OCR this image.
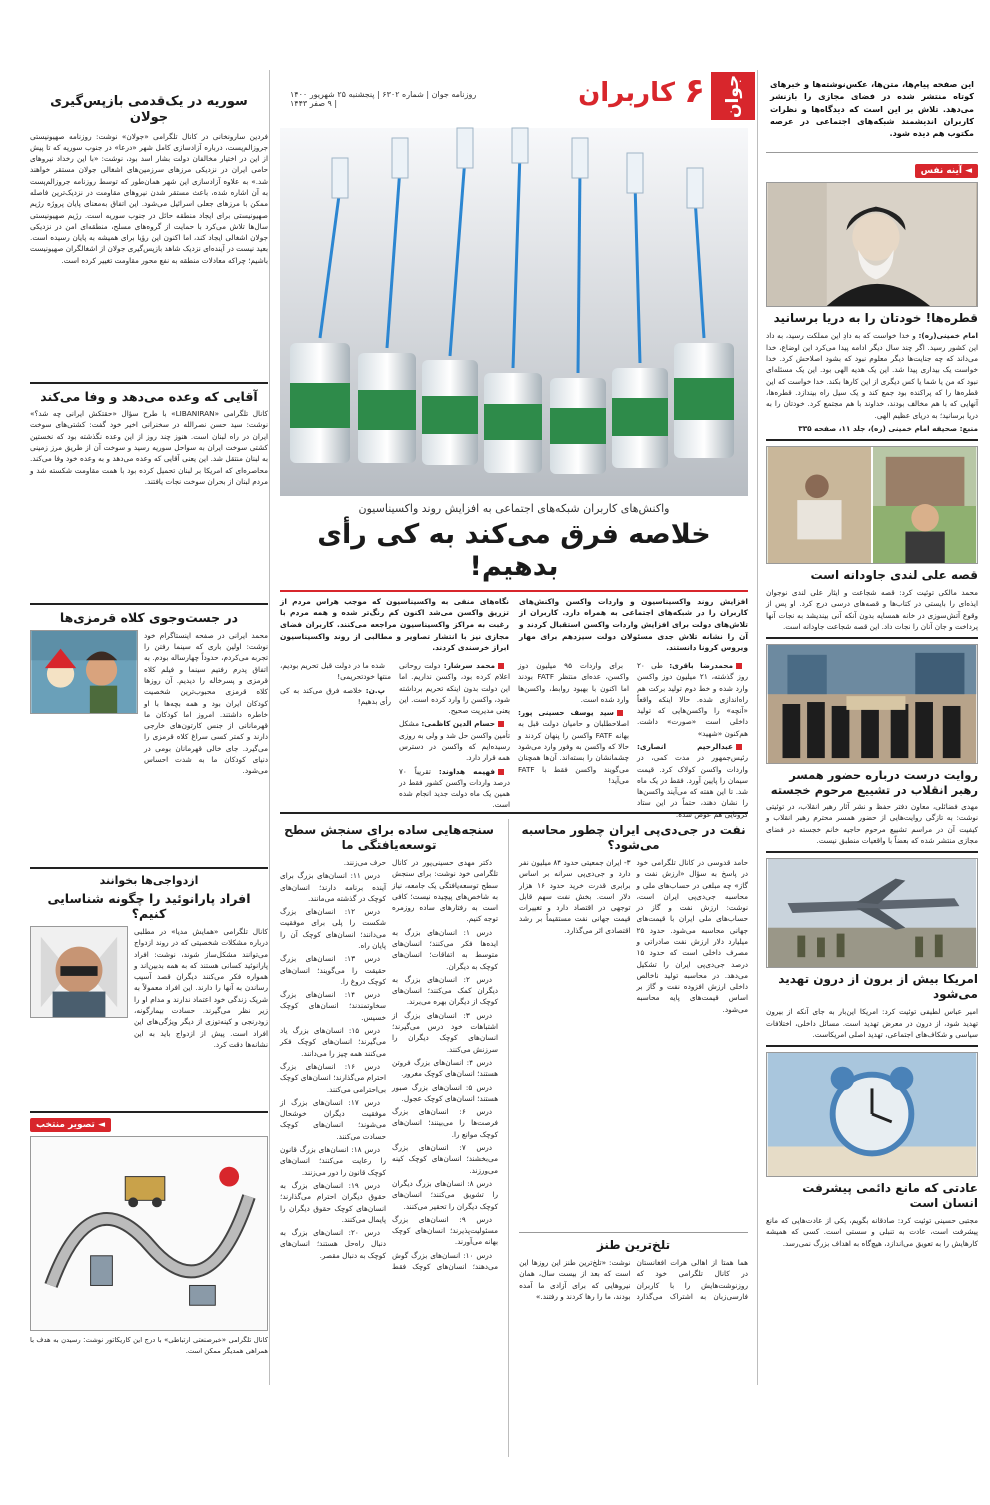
جوان
۶
کاربران
روزنامه جوان | شماره ۶۳۰۲ | پنجشنبه ۲۵ شهریور ۱۴۰۰ | ۹ صفر ۱۴۴۳
این صفحه پیام‌ها، متن‌ها، عکس‌نوشته‌ها و خبرهای کوتاه منتشر شده در فضای مجازی را بازنشر می‌دهد. تلاش بر این است که دیدگاه‌ها و نظرات کاربران اندیشمند شبکه‌های اجتماعی در عرصه مکتوب هم دیده شود.
◄ آینه نفس
قطره‌ها! خودتان را به دریا برسانید
امام خمینی(ره): و خدا خواست که به دادِ این مملکت رسید، به داد این کشور رسید. اگر چند سال دیگر ادامه پیدا می‌کرد این اوضاع، خدا می‌داند که چه جنایت‌ها دیگر معلوم نبود که بشود اصلاحش کرد. خدا خواست یک بیداری پیدا شد. این یک هدیه الهی بود. این یک مسئله‌ای نبود که من یا شما یا کس دیگری از این کارها بکند. خدا خواست که این قطره‌ها را که پراکنده بود جمع کند و یک سیل راه بیندازد. قطره‌ها، آنهایی که با هم مخالف بودند، خداوند با هم مجتمع کرد. خودتان را به دریا برسانید؛ به دریای عظیم الهی.
منبع: صحیفه امام خمینی (ره)، جلد ۱۱، صفحه ۳۳۵
قصه علی لندی جاودانه است
محمد مالکی توئیت کرد: قصه شجاعت و ایثار علی لندی نوجوان ایذه‌ای را بایستی در کتاب‌ها و قصه‌های درسی درج کرد. او پس از وقوع آتش‌سوزی در خانه همسایه بدون آنکه آنی بیندیشد به نجات آنها پرداخت و جان آنان را نجات داد. این قصه شجاعت جاودانه است.
روایت درست درباره حضور همسر رهبر انقلاب در تشییع مرحوم خجسته
مهدی فضائلی، معاون دفتر حفظ و نشر آثار رهبر انقلاب، در توئیتی نوشت: به تازگی روایت‌هایی از حضور همسر محترم رهبر انقلاب و کیفیت آن در مراسم تشییع مرحوم حاجیه خانم خجسته در فضای مجازی منتشر شده که بعضاً با واقعیات منطبق نیست.
امریکا بیش از برون از درون تهدید می‌شود
امیر عباس لطیفی توئیت کرد: امریکا این‌بار به جای آنکه از بیرون تهدید شود، از درون در معرض تهدید است. مسائل داخلی، اختلافات سیاسی و شکاف‌های اجتماعی، تهدید اصلی امریکاست.
عادتی که مانع دائمی پیشرفت انسان است
مجتبی حسینی توئیت کرد: صادقانه بگویم، یکی از عادت‌هایی که مانع پیشرفت است، عادت به تنبلی و سستی است. کسی که همیشه کارهایش را به تعویق می‌اندازد، هیچ‌گاه به اهداف بزرگ نمی‌رسد.
واکنش‌های کاربران شبکه‌های اجتماعی به افزایش روند واکسیناسیون
خلاصه فرق می‌کند به کی رأی بدهیم!
افزایش روند واکسیناسیون و واردات واکسن واکنش‌های کاربران را در شبکه‌های اجتماعی به همراه دارد. کاربران از تلاش‌های دولت برای افزایش واردات واکسن استقبال کردند و آن را نشانه تلاش جدی مسئولان دولت سیزدهم برای مهار ویروس کرونا دانستند.
نگاه‌های منفی به واکسیناسیون که موجب هراس مردم از تزریق واکسن می‌شد اکنون کم رنگ‌تر شده و همه مردم با رغبت به مراکز واکسیناسیون مراجعه می‌کنند. کاربران فضای مجازی نیز با انتشار تصاویر و مطالبی از روند واکسیناسیون ابراز خرسندی کردند.

محمدرضا باقری: طی ۲۰ روز گذشته، ۲۱ میلیون دوز واکسن وارد شده و خط دوم تولید برکت هم راه‌اندازی شده. حالا اینکه واقعاً «آنچه» را واکسن‌هایی که تولید داخلی است «صورت» داشت. هم‌کنون «شهید»

عبدالرحیم انصاری: رئیس‌جمهور در مدت کمی، در واردات واکسن کولاک کرد. قیمت سیمان را پایین آورد. فقط در یک ماه شد. تا این هفته که می‌آیند واکسن‌ها را نشان دهند، حتماً در این ستاد کرونایی هم عوض شده.

برای واردات ۹۵ میلیون دوز واکسن، عده‌ای منتظر FATF بودند اما اکنون با بهبود روابط، واکسن‌ها وارد شده است.

سید یوسف حسینی پور: اصلاحطلبان و حامیان دولت قبل به بهانه FATF واکسن را پنهان کردند و حالا که واکسن به وفور وارد می‌شود چشمانشان را بسته‌اند. آن‌ها همچنان می‌گویند واکسن فقط با FATF می‌آید!

محمد سرشار: دولت روحانی اعلام کرده بود، واکسن نداریم. اما این دولت بدون اینکه تحریم برداشته شود، واکسن را وارد کرده است. این یعنی مدیریت صحیح.

حسام الدین کاظمی: مشکل تأمین واکسن حل شد و ولی به روزی رسیده‌ایم که واکسن در دسترس همه قرار دارد.

فهیمه هداوند: تقریباً ۷۰ درصد واردات واکسن کشور فقط در همین یک ماه دولت جدید انجام شده است.

شده‌ ما در دولت قبل تحریم بودیم، منتها خودتحریمی!

پ.ن: خلاصه فرق می‌کند به کی رأی بدهیم!

نفت در جی‌دی‌پی ایران چطور محاسبه می‌شود؟
حامد قدوسی در کانال تلگرامی خود در پاسخ به سؤال «ارزش نفت و گاز» چه مبلغی در حساب‌های ملی و محاسبه جی‌دی‌پی ایران است، نوشت: ارزش نفت و گاز در حساب‌های ملی ایران با قیمت‌های جهانی محاسبه می‌شود. حدود ۲۵ میلیارد دلار ارزش نفت صادراتی و مصرف داخلی است که حدود ۱۵ درصد جی‌دی‌پی ایران را تشکیل می‌دهد. در محاسبه تولید ناخالص داخلی ارزش افزوده نفت و گاز بر اساس قیمت‌های پایه محاسبه می‌شود.
۳- ایران جمعیتی حدود ۸۴ میلیون نفر دارد و جی‌دی‌پی سرانه بر اساس برابری قدرت خرید حدود ۱۶ هزار دلار است. بخش نفت سهم قابل توجهی در اقتصاد دارد و تغییرات قیمت جهانی نفت مستقیماً بر رشد اقتصادی اثر می‌گذارد.
تلخ‌ترین طنز
هما همتا از اهالی هرات افغانستان در کانال تلگرامی خود که روزنوشت‌هایش را با کاربران فارسی‌زبان به اشتراک می‌گذارد نوشت: «تلخ‌ترین طنز این روزها این است که بعد از بیست سال، همان نیروهایی که برای آزادی ما آمده بودند، ما را رها کردند و رفتند.»
سنجه‌هایی ساده برای سنجش سطح توسعه‌یافتگی ما

دکتر مهدی حسینی‌پور در کانال تلگرامی خود نوشت: برای سنجش سطح توسعه‌یافتگی یک جامعه، نیاز به شاخص‌های پیچیده نیست؛ کافی است به رفتارهای ساده روزمره توجه کنیم.

درس ۱: انسان‌های بزرگ به ایده‌ها فکر می‌کنند؛ انسان‌های متوسط به اتفاقات؛ انسان‌های کوچک به دیگران.

درس ۲: انسان‌های بزرگ به دیگران کمک می‌کنند؛ انسان‌های کوچک از دیگران بهره می‌برند.

درس ۳: انسان‌های بزرگ از اشتباهات خود درس می‌گیرند؛ انسان‌های کوچک دیگران را سرزنش می‌کنند.

درس ۴: انسان‌های بزرگ فروتن هستند؛ انسان‌های کوچک مغرور.

درس ۵: انسان‌های بزرگ صبور هستند؛ انسان‌های کوچک عجول.

درس ۶: انسان‌های بزرگ فرصت‌ها را می‌بینند؛ انسان‌های کوچک موانع را.

درس ۷: انسان‌های بزرگ می‌بخشند؛ انسان‌های کوچک کینه می‌ورزند.

درس ۸: انسان‌های بزرگ دیگران را تشویق می‌کنند؛ انسان‌های کوچک دیگران را تحقیر می‌کنند.

درس ۹: انسان‌های بزرگ مسئولیت‌پذیرند؛ انسان‌های کوچک بهانه می‌آورند.

درس ۱۰: انسان‌های بزرگ گوش می‌دهند؛ انسان‌های کوچک فقط حرف می‌زنند.

درس ۱۱: انسان‌های بزرگ برای آینده برنامه دارند؛ انسان‌های کوچک در گذشته می‌مانند.

درس ۱۲: انسان‌های بزرگ شکست را پلی برای موفقیت می‌دانند؛ انسان‌های کوچک آن را پایان راه.

درس ۱۳: انسان‌های بزرگ حقیقت را می‌گویند؛ انسان‌های کوچک دروغ را.

درس ۱۴: انسان‌های بزرگ سخاوتمندند؛ انسان‌های کوچک خسیس.

درس ۱۵: انسان‌های بزرگ یاد می‌گیرند؛ انسان‌های کوچک فکر می‌کنند همه چیز را می‌دانند.

درس ۱۶: انسان‌های بزرگ احترام می‌گذارند؛ انسان‌های کوچک بی‌احترامی می‌کنند.

درس ۱۷: انسان‌های بزرگ از موفقیت دیگران خوشحال می‌شوند؛ انسان‌های کوچک حسادت می‌کنند.

درس ۱۸: انسان‌های بزرگ قانون را رعایت می‌کنند؛ انسان‌های کوچک قانون را دور می‌زنند.

درس ۱۹: انسان‌های بزرگ به حقوق دیگران احترام می‌گذارند؛ انسان‌های کوچک حقوق دیگران را پایمال می‌کنند.

درس ۲۰: انسان‌های بزرگ به دنبال راه‌حل هستند؛ انسان‌های کوچک به دنبال مقصر.

سوریه در یک‌قدمی بازپس‌گیری جولان
فردین سارونخانی در کانال تلگرامی «جولان» نوشت: روزنامه صهیونیستی جروزالم‌پست، درباره آزادسازی کامل شهر «درعا» در جنوب سوریه که تا پیش از این در اختیار مخالفان دولت بشار اسد بود، نوشت: «با این رخداد نیروهای حامی ایران در نزدیکی مرزهای سرزمین‌های اشغالی جولان مستقر خواهند شد.» به علاوه آزادسازی این شهر همان‌طور که توسط روزنامه جروزالم‌پست به آن اشاره شده، باعث مستقر شدن نیروهای مقاومت در نزدیک‌ترین فاصله ممکن با مرزهای جعلی اسرائیل می‌شود. این اتفاق به‌معنای پایان پروژه رژیم صهیونیستی برای ایجاد منطقه حائل در جنوب سوریه است. رژیم صهیونیستی سال‌ها تلاش می‌کرد با حمایت از گروه‌های مسلح، منطقه‌ای امن در نزدیکی جولان اشغالی ایجاد کند، اما اکنون این رؤیا برای همیشه به پایان رسیده است. بعید نیست در آینده‌ای نزدیک شاهد بازپس‌گیری جولان از اشغالگران صهیونیست باشیم؛ چراکه معادلات منطقه به نفع محور مقاومت تغییر کرده است.
آقایی که وعده می‌دهد و وفا می‌کند
کانال تلگرامی «LIBANIRAN» با طرح سؤال «حقتکش ایرانی چه شد؟» نوشت: سید حسن نصرالله در سخنرانی اخیر خود گفت: کشتی‌های سوخت ایران در راه لبنان است. هنوز چند روز از این وعده نگذشته بود که نخستین کشتی سوخت ایران به سواحل سوریه رسید و سوخت آن از طریق مرز زمینی به لبنان منتقل شد. این یعنی آقایی که وعده می‌دهد و به وعده خود وفا می‌کند. محاصره‌ای که امریکا بر لبنان تحمیل کرده بود با همت مقاومت شکسته شد و مردم لبنان از بحران سوخت نجات یافتند.
در جست‌وجوی کلاه قرمزی‌ها
محمد ایرانی در صفحه اینستاگرام خود نوشت: اولین باری که سینما رفتن را تجربه می‌کردم، حدوداً چهارساله بودم. به اتفاق پدرم رفتیم سینما و فیلم کلاه قرمزی و پسرخاله را دیدیم. آن روزها کلاه قرمزی محبوب‌ترین شخصیت کودکان ایران بود و همه بچه‌ها با او خاطره داشتند. امروز اما کودکان ما قهرمانانی از جنس کارتون‌های خارجی دارند و کمتر کسی سراغ کلاه قرمزی را می‌گیرد. جای خالی قهرمانان بومی در دنیای کودکان ما به شدت احساس می‌شود.
ازدواجی‌ها بخوانند
افراد پارانوئید را چگونه شناسایی کنیم؟
کانال تلگرامی «همایش مدیا» در مطلبی درباره مشکلات شخصیتی که در روند ازدواج می‌توانند مشکل‌ساز شوند، نوشت: افراد پارانوئید کسانی هستند که به همه بدبین‌اند و همواره فکر می‌کنند دیگران قصد آسیب رساندن به آنها را دارند. این افراد معمولاً به شریک زندگی خود اعتماد ندارند و مدام او را زیر نظر می‌گیرند. حسادت بیمارگونه، زودرنجی و کینه‌توزی از دیگر ویژگی‌های این افراد است. پیش از ازدواج باید به این نشانه‌ها دقت کرد.
◄ تصویر منتخب
کانال تلگرامی «خبرصنعتی ارتباطی» با درج این کاریکاتور نوشت: رسیدن به هدف با همراهی همدیگر ممکن است.
